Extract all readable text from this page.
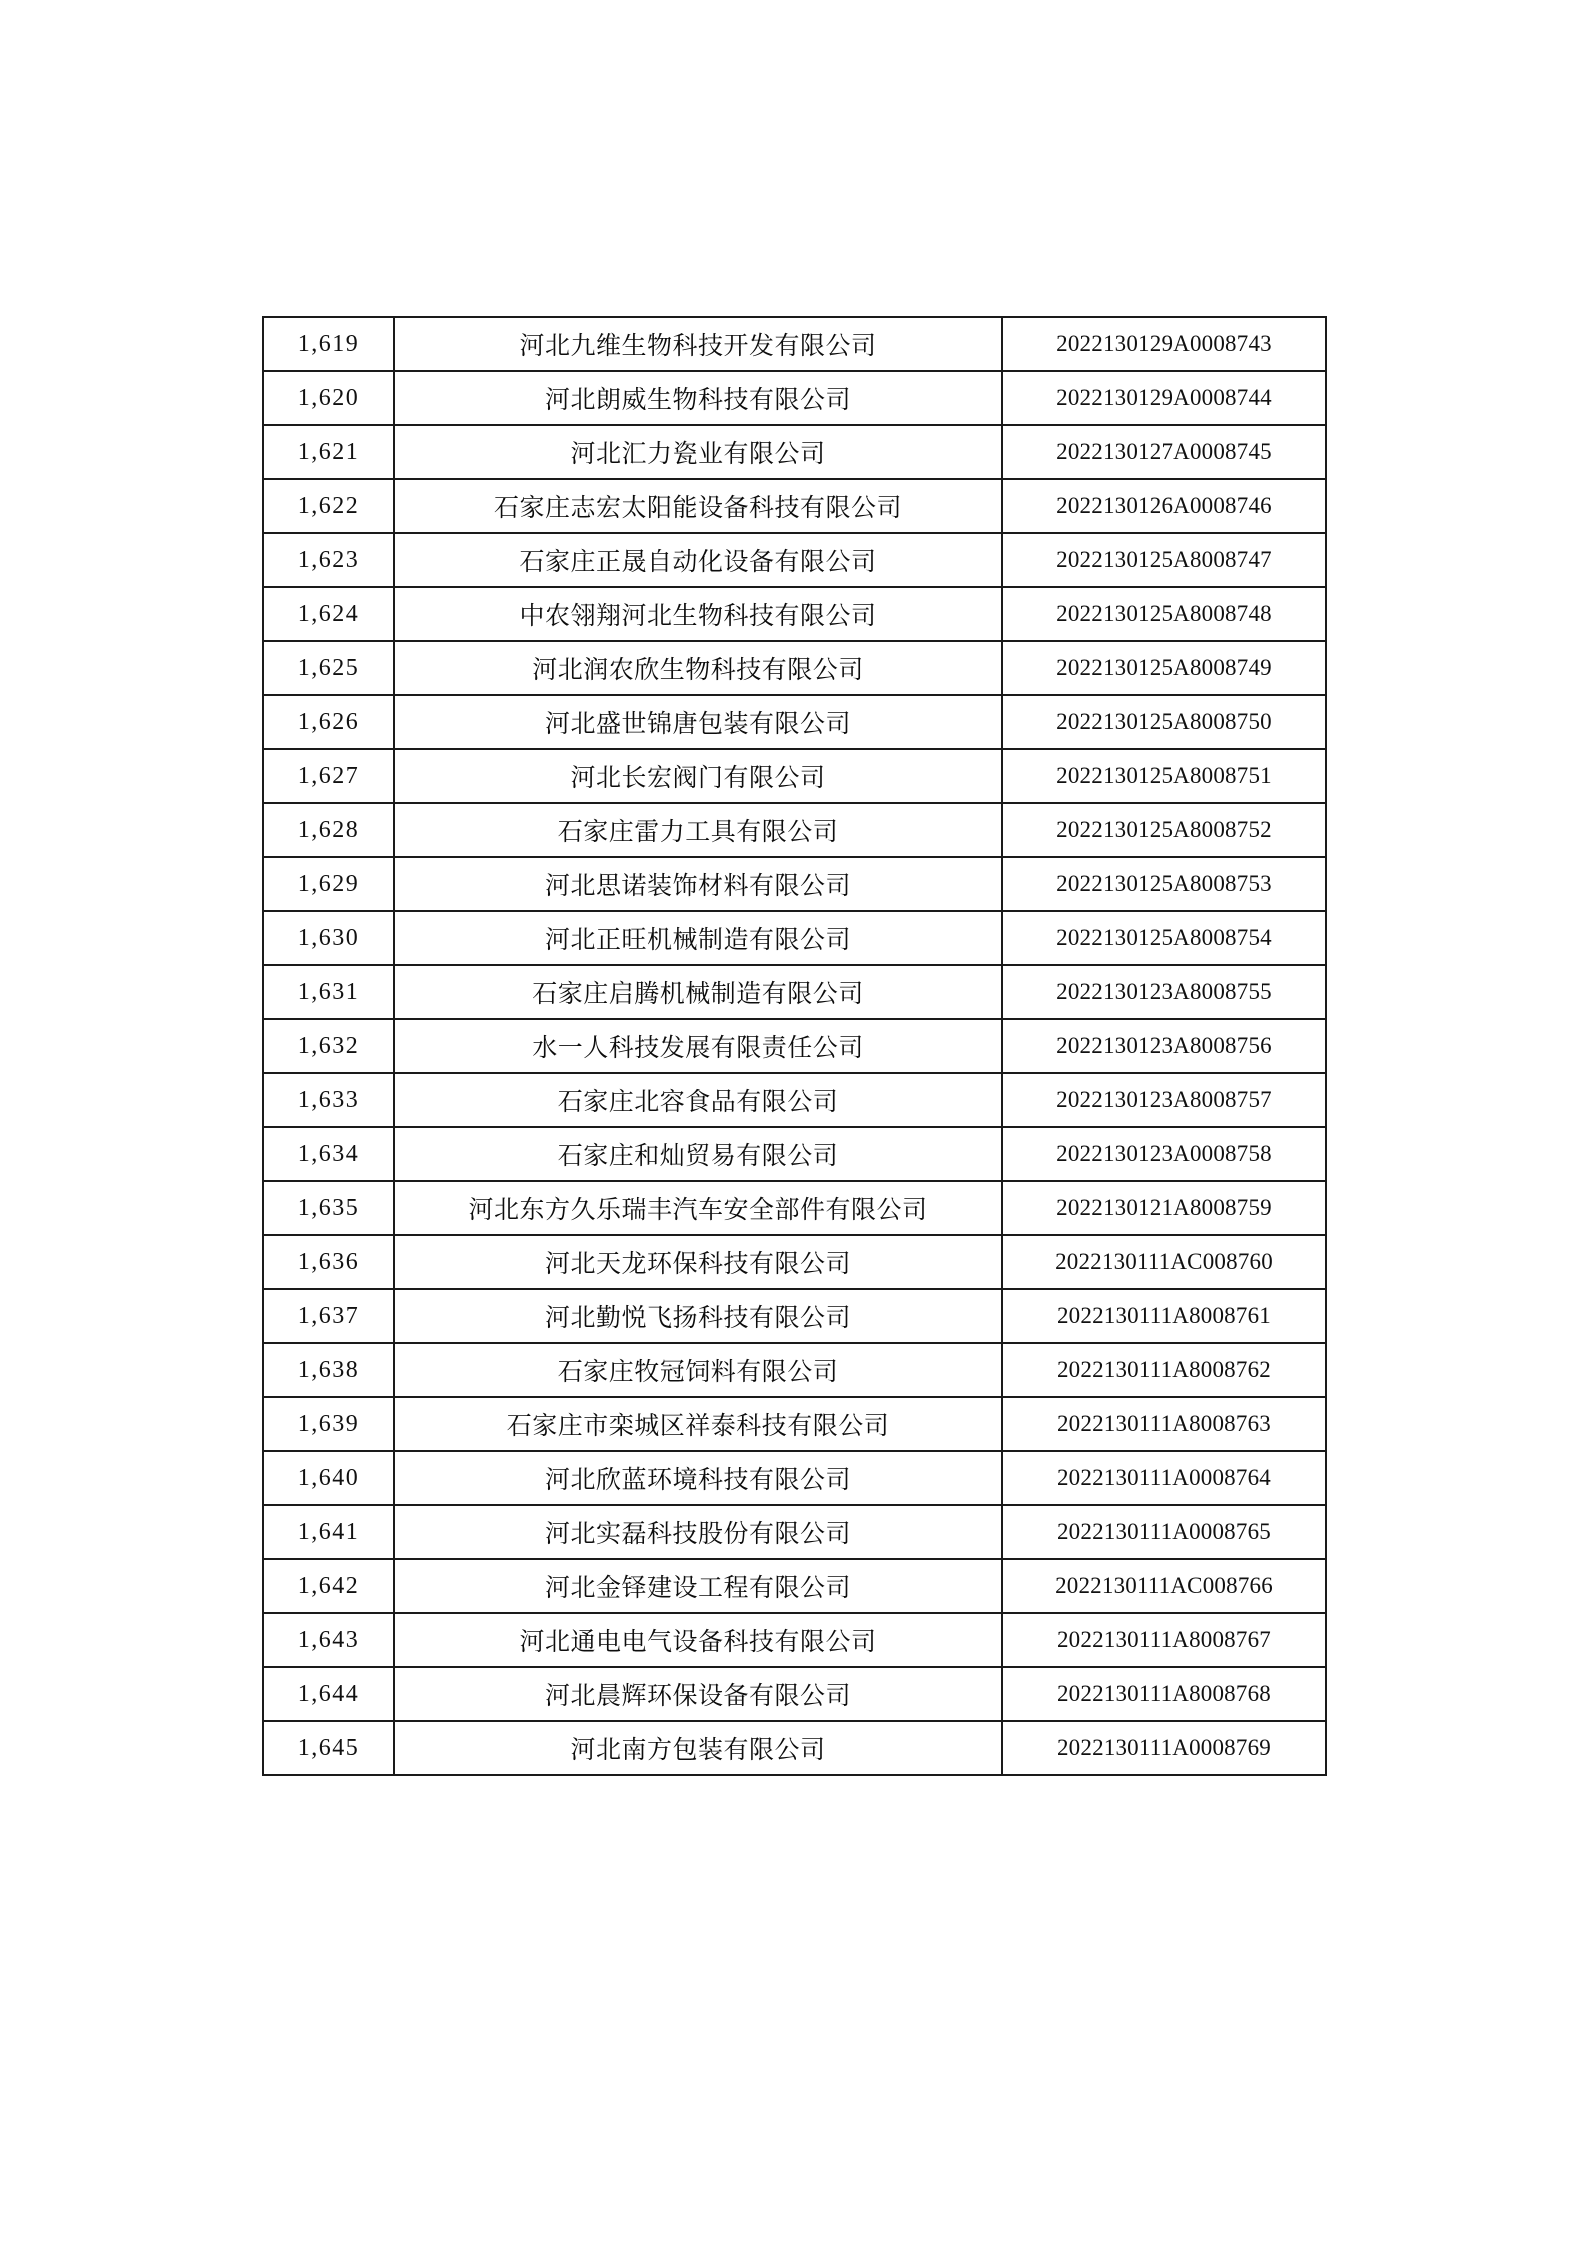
1,619	河北九维生物科技开发有限公司	2022130129A0008743
1,620	河北朗威生物科技有限公司	2022130129A0008744
1,621	河北汇力瓷业有限公司	2022130127A0008745
1,622	石家庄志宏太阳能设备科技有限公司	2022130126A0008746
1,623	石家庄正晟自动化设备有限公司	2022130125A8008747
1,624	中农翎翔河北生物科技有限公司	2022130125A8008748
1,625	河北润农欣生物科技有限公司	2022130125A8008749
1,626	河北盛世锦唐包装有限公司	2022130125A8008750
1,627	河北长宏阀门有限公司	2022130125A8008751
1,628	石家庄雷力工具有限公司	2022130125A8008752
1,629	河北思诺装饰材料有限公司	2022130125A8008753
1,630	河北正旺机械制造有限公司	2022130125A8008754
1,631	石家庄启腾机械制造有限公司	2022130123A8008755
1,632	水一人科技发展有限责任公司	2022130123A8008756
1,633	石家庄北容食品有限公司	2022130123A8008757
1,634	石家庄和灿贸易有限公司	2022130123A0008758
1,635	河北东方久乐瑞丰汽车安全部件有限公司	2022130121A8008759
1,636	河北天龙环保科技有限公司	2022130111AC008760
1,637	河北勤悦飞扬科技有限公司	2022130111A8008761
1,638	石家庄牧冠饲料有限公司	2022130111A8008762
1,639	石家庄市栾城区祥泰科技有限公司	2022130111A8008763
1,640	河北欣蓝环境科技有限公司	2022130111A0008764
1,641	河北实磊科技股份有限公司	2022130111A0008765
1,642	河北金铎建设工程有限公司	2022130111AC008766
1,643	河北通电电气设备科技有限公司	2022130111A8008767
1,644	河北晨辉环保设备有限公司	2022130111A8008768
1,645	河北南方包装有限公司	2022130111A0008769
